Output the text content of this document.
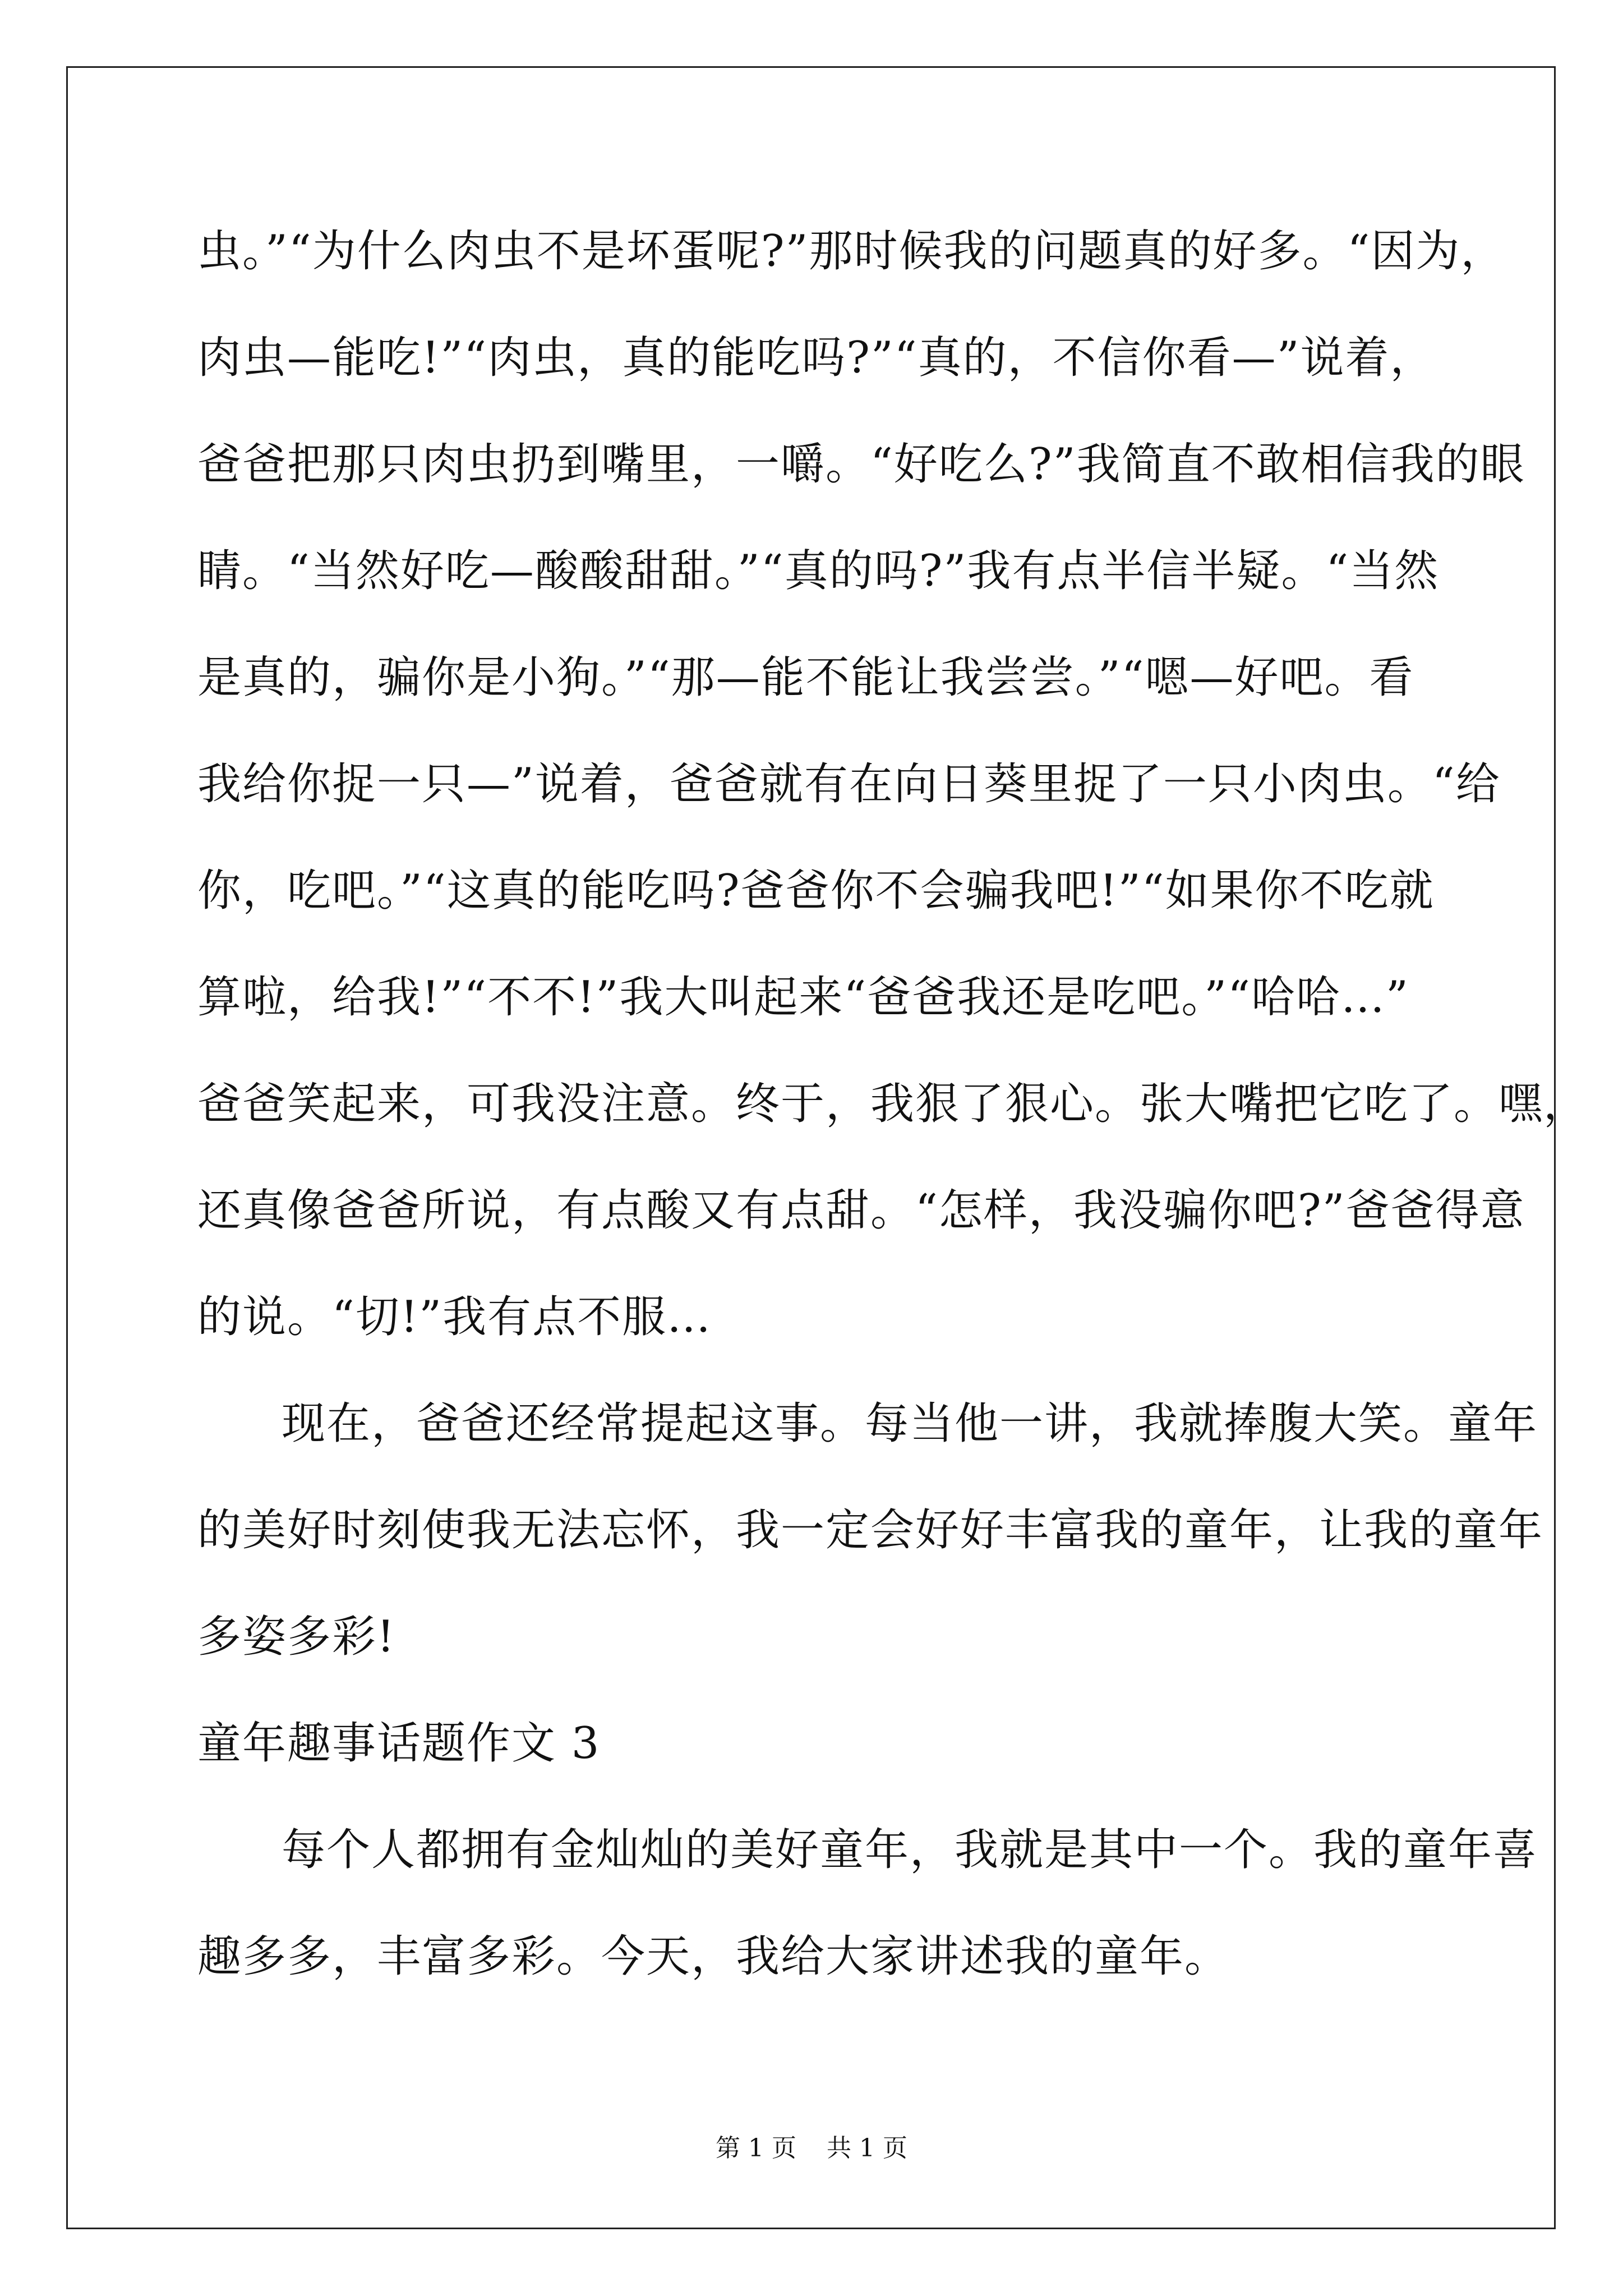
虫。”“为什么肉虫不是坏蛋呢?”那时候我的问题真的好多。“因为，
肉虫—能吃!”“肉虫，真的能吃吗?”“真的，不信你看—”说着，
爸爸把那只肉虫扔到嘴里，一嚼。“好吃么?”我简直不敢相信我的眼
睛。“当然好吃—酸酸甜甜。”“真的吗?”我有点半信半疑。“当然
是真的，骗你是小狗。”“那—能不能让我尝尝。”“嗯—好吧。看
我给你捉一只—”说着，爸爸就有在向日葵里捉了一只小肉虫。“给
你，吃吧。”“这真的能吃吗?爸爸你不会骗我吧!”“如果你不吃就
算啦，给我!”“不不!”我大叫起来“爸爸我还是吃吧。”“哈哈…”
爸爸笑起来，可我没注意。终于，我狠了狠心。张大嘴把它吃了。嘿，
还真像爸爸所说，有点酸又有点甜。“怎样，我没骗你吧?”爸爸得意
的说。“切!”我有点不服…
现在，爸爸还经常提起这事。每当他一讲，我就捧腹大笑。童年
的美好时刻使我无法忘怀，我一定会好好丰富我的童年，让我的童年
多姿多彩!
童年趣事话题作文 3
每个人都拥有金灿灿的美好童年，我就是其中一个。我的童年喜
趣多多，丰富多彩。今天，我给大家讲述我的童年。
第 1 页 共 1 页
